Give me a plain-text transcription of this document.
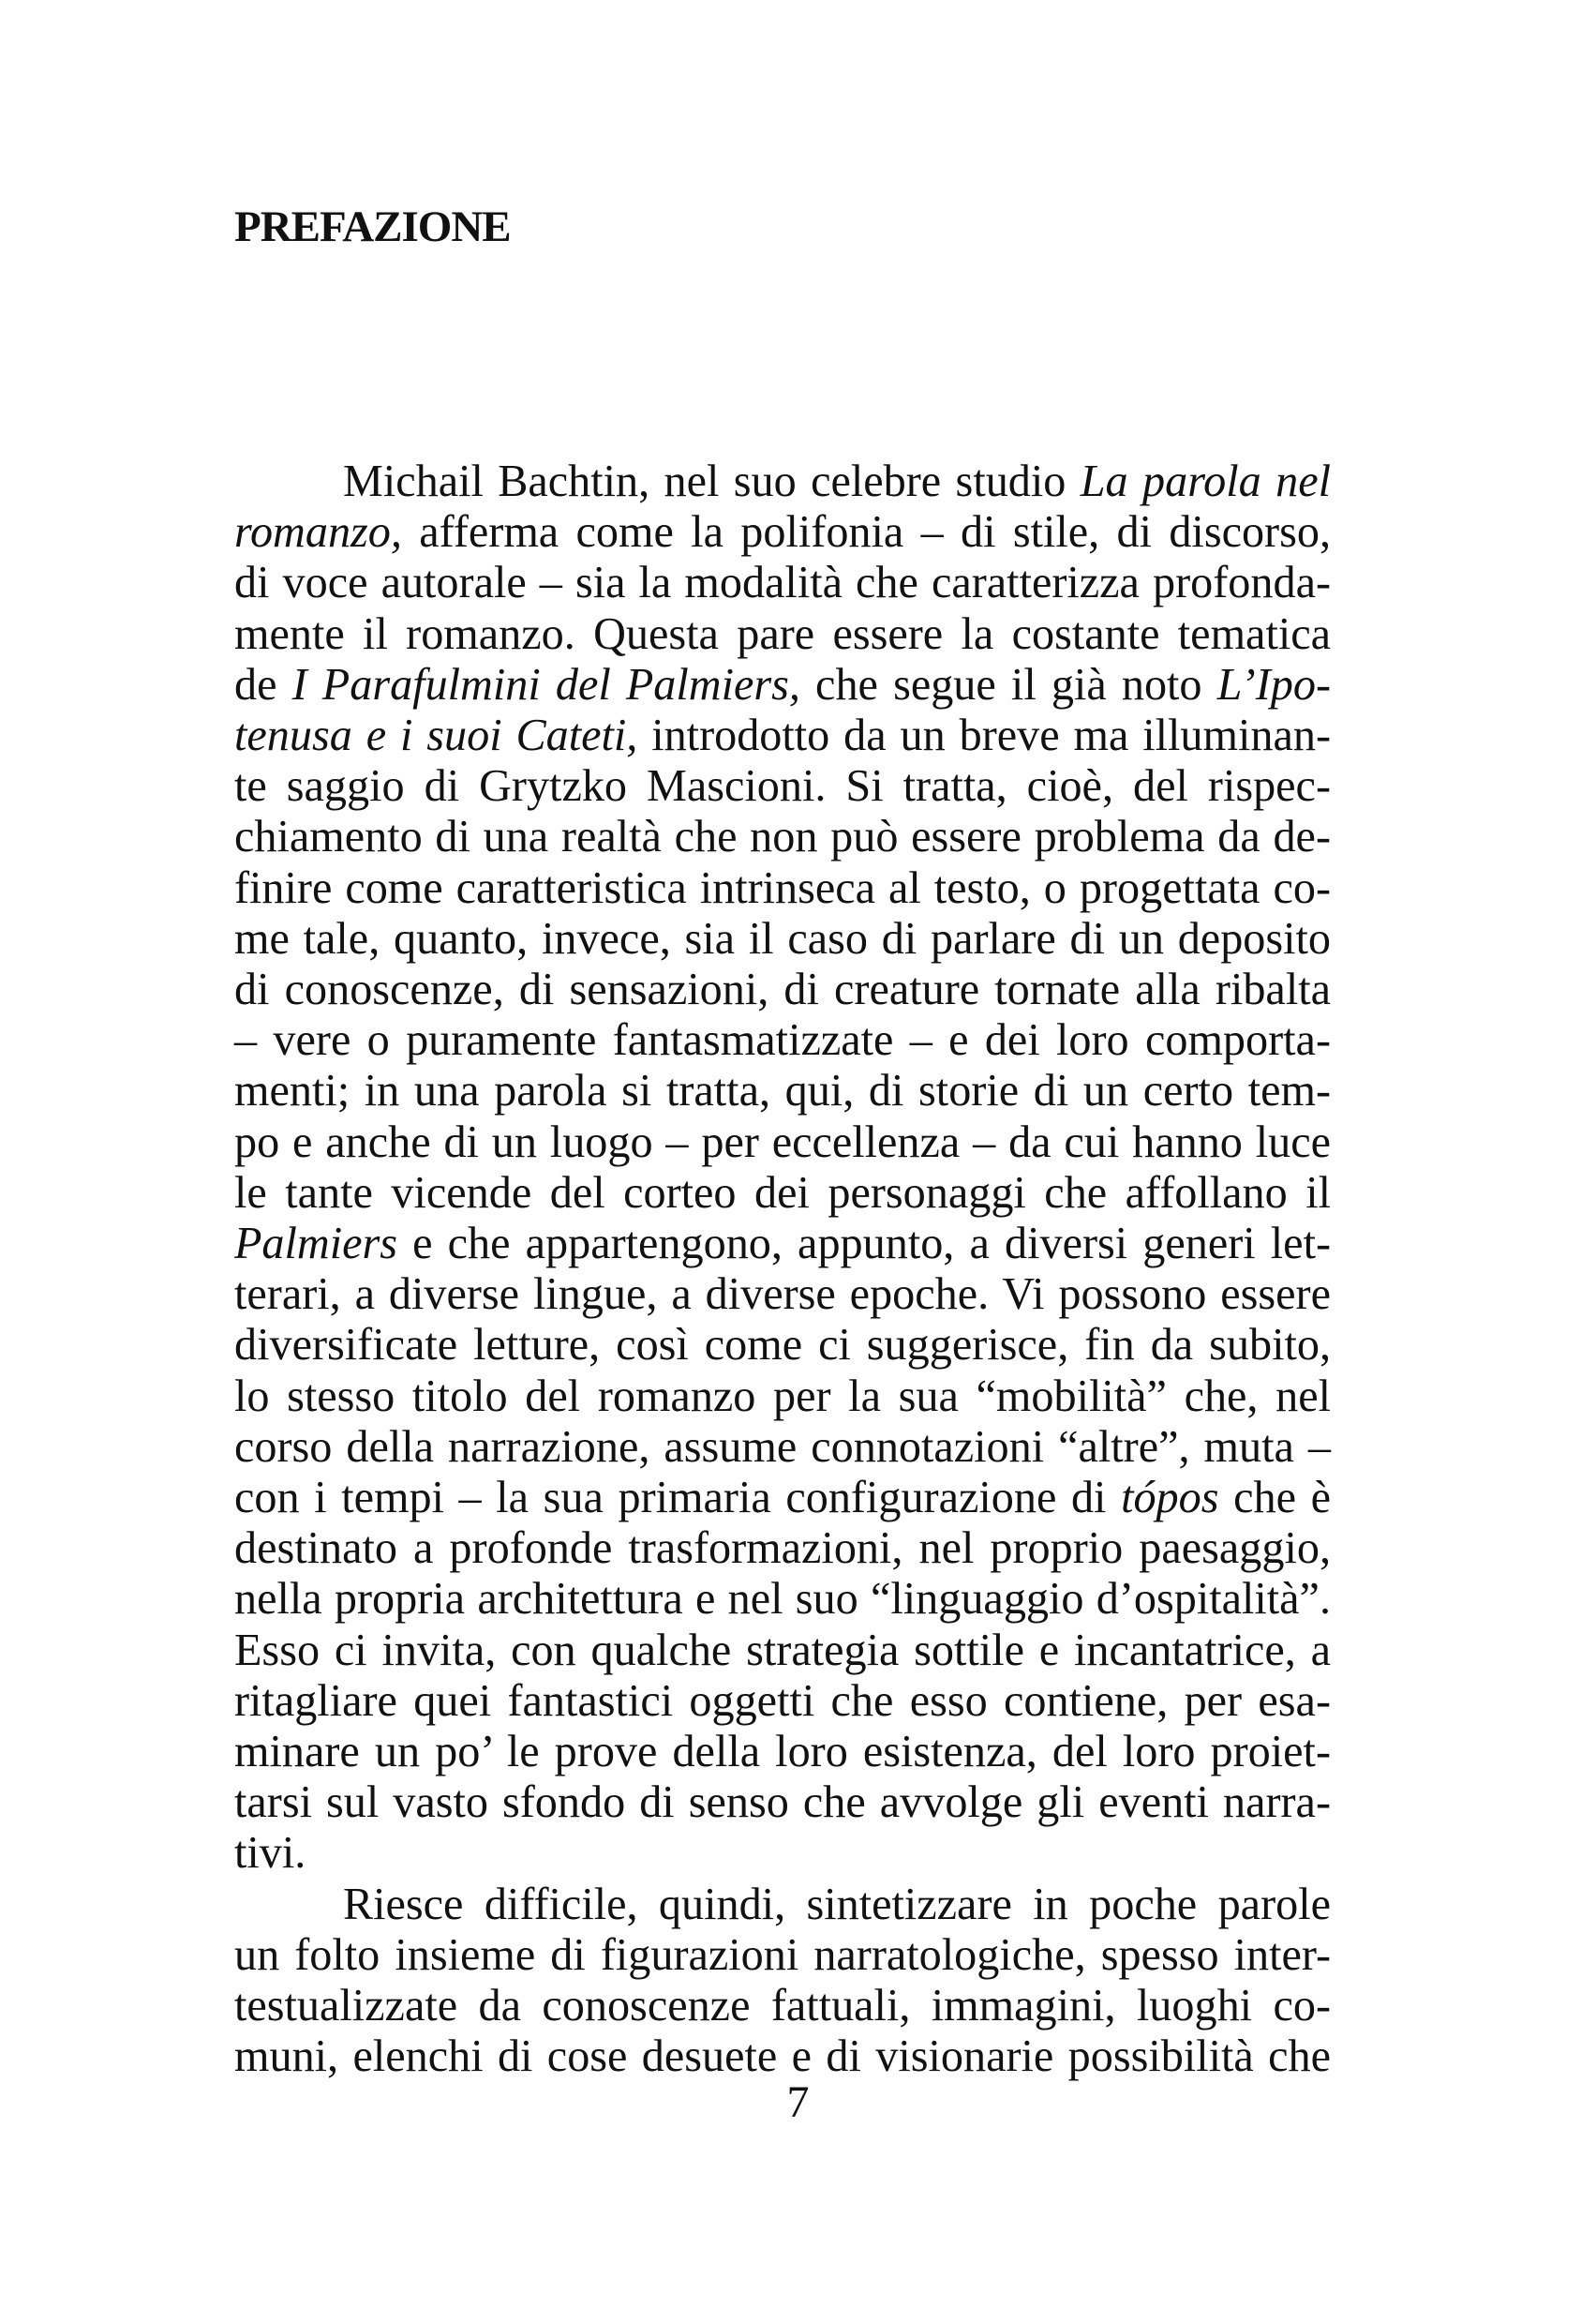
PREFAZIONE
Michail Bachtin, nel suo celebre studio La parola nel
romanzo, afferma come la polifonia – di stile, di discorso,
di voce autorale – sia la modalità che caratterizza profonda-
mente il romanzo. Questa pare essere la costante tematica
de I Parafulmini del Palmiers, che segue il già noto L’Ipo-
tenusa e i suoi Cateti, introdotto da un breve ma illuminan-
te saggio di Grytzko Mascioni. Si tratta, cioè, del rispec-
chiamento di una realtà che non può essere problema da de-
finire come caratteristica intrinseca al testo, o progettata co-
me tale, quanto, invece, sia il caso di parlare di un deposito
di conoscenze, di sensazioni, di creature tornate alla ribalta
– vere o puramente fantasmatizzate – e dei loro comporta-
menti; in una parola si tratta, qui, di storie di un certo tem-
po e anche di un luogo – per eccellenza – da cui hanno luce
le tante vicende del corteo dei personaggi che affollano il
Palmiers e che appartengono, appunto, a diversi generi let-
terari, a diverse lingue, a diverse epoche. Vi possono essere
diversificate letture, così come ci suggerisce, fin da subito,
lo stesso titolo del romanzo per la sua “mobilità” che, nel
corso della narrazione, assume connotazioni “altre”, muta –
con i tempi – la sua primaria configurazione di tópos che è
destinato a profonde trasformazioni, nel proprio paesaggio,
nella propria architettura e nel suo “linguaggio d’ospitalità”.
Esso ci invita, con qualche strategia sottile e incantatrice, a
ritagliare quei fantastici oggetti che esso contiene, per esa-
minare un po’ le prove della loro esistenza, del loro proiet-
tarsi sul vasto sfondo di senso che avvolge gli eventi narra-
tivi.
Riesce difficile, quindi, sintetizzare in poche parole
un folto insieme di figurazioni narratologiche, spesso inter-
testualizzate da conoscenze fattuali, immagini, luoghi co-
muni, elenchi di cose desuete e di visionarie possibilità che
7
